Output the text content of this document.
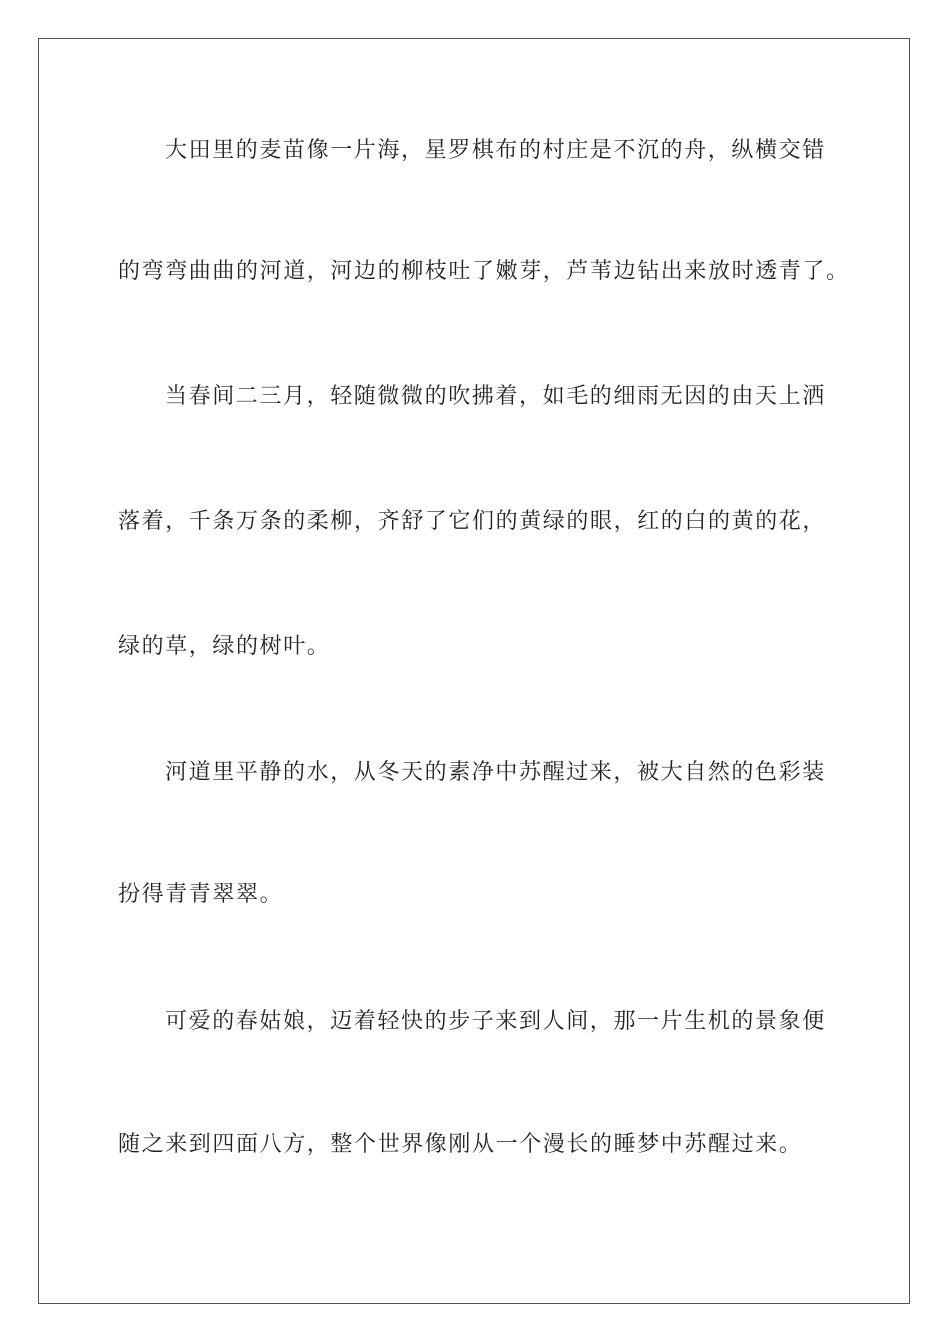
大田里的麦苗像一片海，星罗棋布的村庄是不沉的舟，纵横交错
的弯弯曲曲的河道，河边的柳枝吐了嫩芽，芦苇边钻出来放时透青了。
当春间二三月，轻随微微的吹拂着，如毛的细雨无因的由天上洒
落着，千条万条的柔柳，齐舒了它们的黄绿的眼，红的白的黄的花，
绿的草，绿的树叶。
河道里平静的水，从冬天的素净中苏醒过来，被大自然的色彩装
扮得青青翠翠。
可爱的春姑娘，迈着轻快的步子来到人间，那一片生机的景象便
随之来到四面八方，整个世界像刚从一个漫长的睡梦中苏醒过来。
